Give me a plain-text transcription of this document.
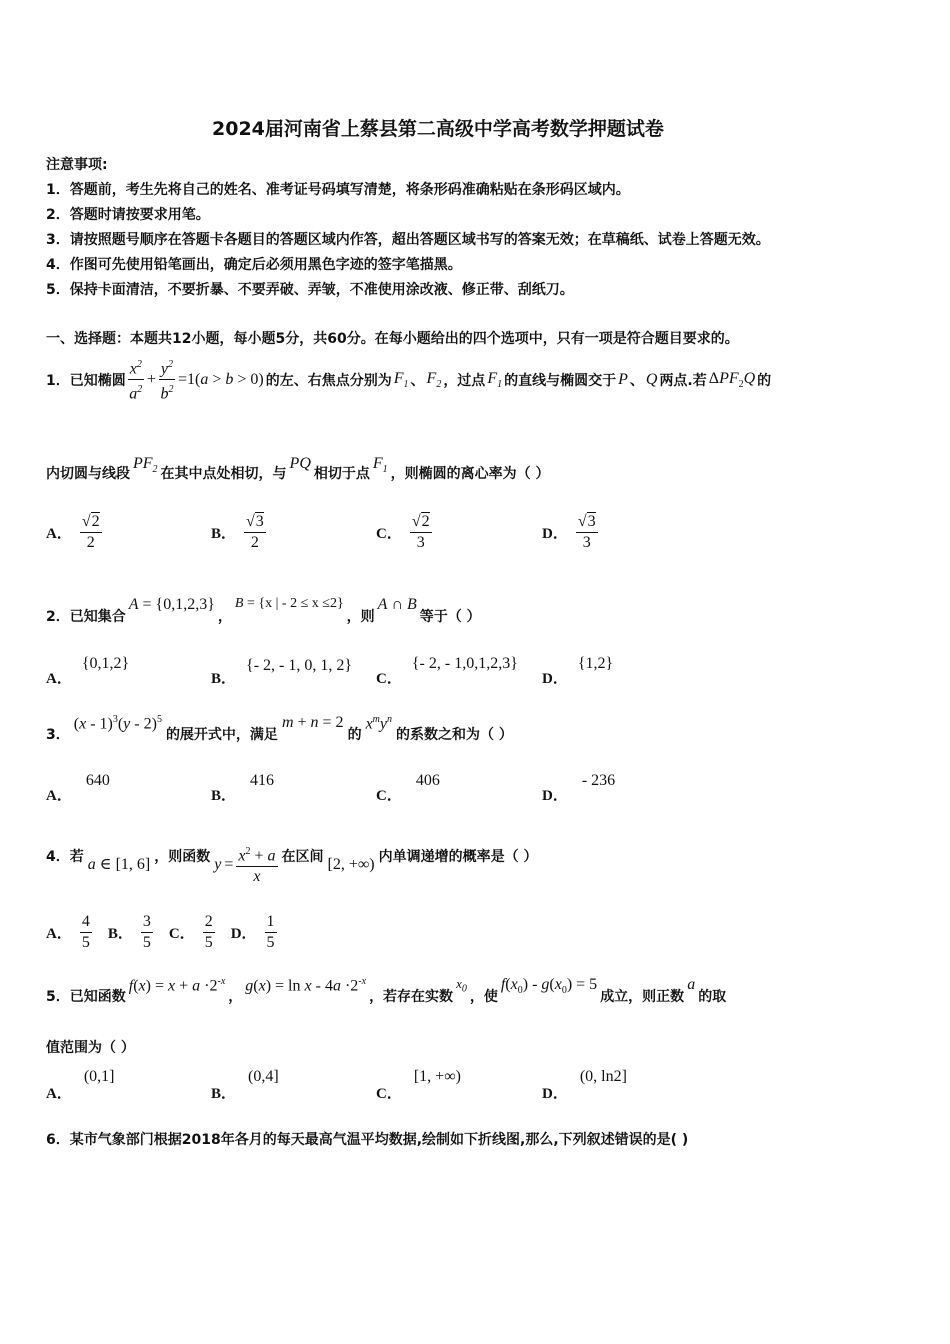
2024届河南省上蔡县第二高级中学高考数学押题试卷
注意事项:
1．答题前，考生先将自己的姓名、准考证号码填写清楚，将条形码准确粘贴在条形码区域内。
2．答题时请按要求用笔。
3．请按照题号顺序在答题卡各题目的答题区域内作答，超出答题区域书写的答案无效；在草稿纸、试卷上答题无效。
4．作图可先使用铅笔画出，确定后必须用黑色字迹的签字笔描黑。
5．保持卡面清洁，不要折暴、不要弄破、弄皱，不准使用涂改液、修正带、刮纸刀。
一、选择题：本题共12小题，每小题5分，共60分。在每小题给出的四个选项中，只有一项是符合题目要求的。
1．已知椭圆 $\frac{x^2}{a^2} + \frac{y^2}{b^2} =1(a > b > 0)$ 的左、右焦点分别为 $F_1$ 、 $F_2$ ，过点 $F_1$ 的直线与椭圆交于 P 、 Q 两点.若 $\Delta PF_2Q$ 的
内切圆与线段
$PF_2$ 在其中点处相切，与
PQ
相切于点
$F_1$ ，则椭圆的离心率为（ ）
A． $\frac{√2}{2}$	B． $\frac{√3}{2}$	C． $\frac{√2}{3}$	D． $\frac{√3}{3}$
2．已知集合
A = {0,1,2,3}
，
B = {x | - 2 ≤ x ≤2}
，则
A ∩ B
等于（ ）
A．
{0,1,2}
B．
{- 2, - 1, 0, 1, 2}
C．
{- 2, - 1,0,1,2,3}
D．
{1,2}
3．
(x - 1)$^3$(y - 2)$^5$
的展开式中，满足
m + n = 2
的
$x^my^n$
的系数之和为（ ）
A．
640
B．
416
C．
406
D．
- 236
4．若 a ∈ [1, 6] ，则函数 $y = \frac{x^2 + a}{x}$ 在区间 [2, +∞) 内单调递增的概率是（ ）
A． $\frac{4}{5}$ B． $\frac{3}{5}$ C． $\frac{2}{5}$ D． $\frac{1}{5}$
5．已知函数
$f(x) = x + a \cdot 2^{-x}$
，
$g(x) = \ln x - 4a \cdot 2^{-x}$
，若存在实数
$x_0$ ，使
$f(x_0) - g(x_0) = 5$
成立，则正数
a
的取
值范围为（ ）
A．
(0,1]
B．
(0,4]
C．
[1, +∞)
D．
(0, ln2]
6．某市气象部门根据2018年各月的每天最高气温平均数据,绘制如下折线图,那么,下列叙述错误的是( )
